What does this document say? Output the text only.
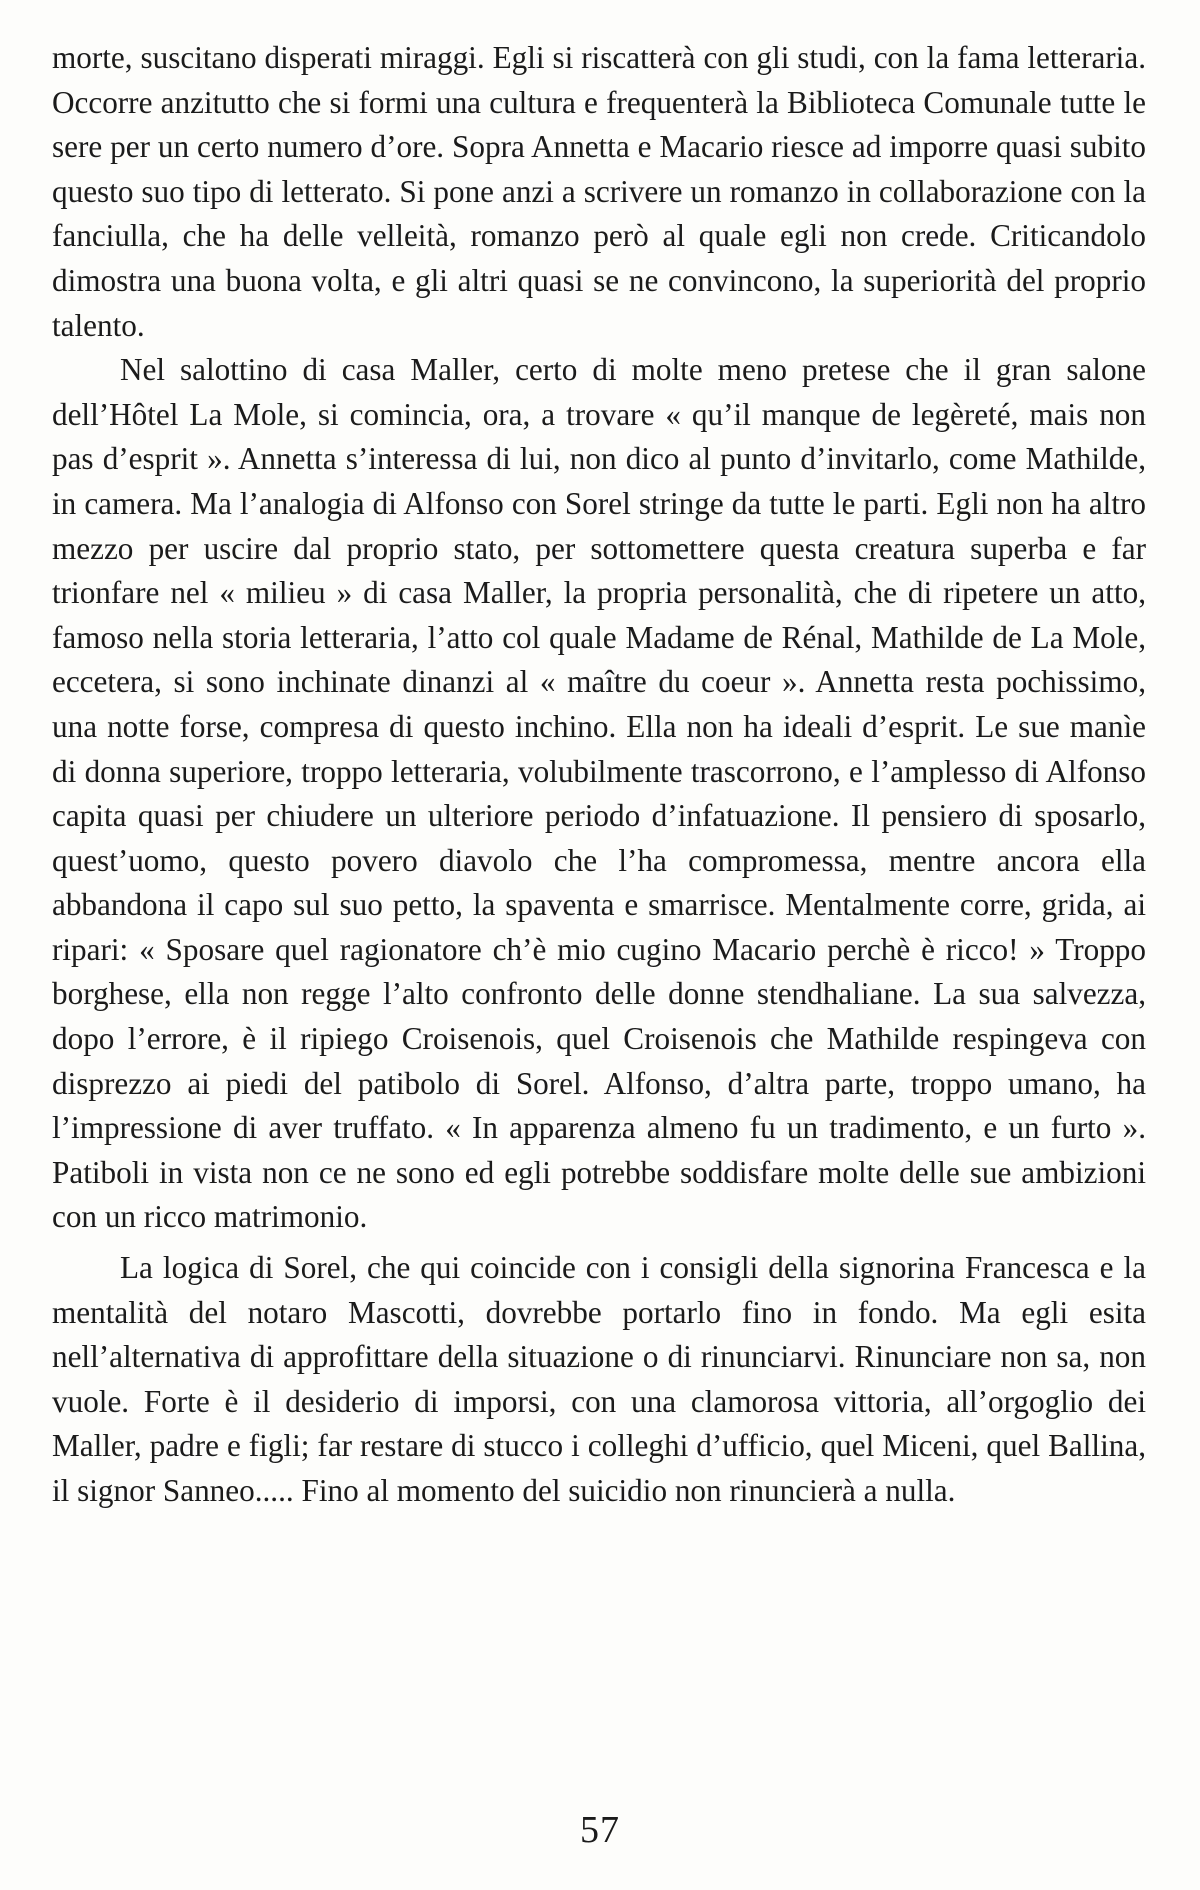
morte, suscitano disperati miraggi. Egli si riscatterà con gli studi, con la fama letteraria. Occorre anzitutto che si formi una cultura e frequenterà la Biblioteca Comunale tutte le sere per un certo numero d’ore. Sopra Annetta e Macario riesce ad imporre quasi subito questo suo tipo di letterato. Si pone anzi a scrivere un romanzo in collaborazione con la fanciulla, che ha delle velleità, romanzo però al quale egli non crede. Criticandolo dimostra una buona volta, e gli altri quasi se ne convincono, la superiorità del proprio talento.

Nel salottino di casa Maller, certo di molte meno pretese che il gran salone dell’Hôtel La Mole, si comincia, ora, a trovare « qu’il manque de legèreté, mais non pas d’esprit ». Annetta s’interessa di lui, non dico al punto d’invitarlo, come Mathilde, in camera. Ma l’analogia di Alfonso con Sorel stringe da tutte le parti. Egli non ha altro mezzo per uscire dal proprio stato, per sottomettere questa creatura superba e far trionfare nel « milieu » di casa Maller, la propria personalità, che di ripetere un atto, famoso nella storia letteraria, l’atto col quale Madame de Rénal, Mathilde de La Mole, eccetera, si sono inchinate dinanzi al « maître du coeur ». Annetta resta pochissimo, una notte forse, compresa di questo inchino. Ella non ha ideali d’esprit. Le sue manìe di donna superiore, troppo letteraria, volubilmente trascorrono, e l’amplesso di Alfonso capita quasi per chiudere un ulteriore periodo d’infatuazione. Il pensiero di sposarlo, quest’uomo, questo povero diavolo che l’ha compromessa, mentre ancora ella abbandona il capo sul suo petto, la spaventa e smarrisce. Mentalmente corre, grida, ai ripari: « Sposare quel ragionatore ch’è mio cugino Macario perchè è ricco! » Troppo borghese, ella non regge l’alto confronto delle donne stendhaliane. La sua salvezza, dopo l’errore, è il ripiego Croisenois, quel Croisenois che Mathilde respingeva con disprezzo ai piedi del patibolo di Sorel. Alfonso, d’altra parte, troppo umano, ha l’impressione di aver truffato. « In apparenza almeno fu un tradimento, e un furto ». Patiboli in vista non ce ne sono ed egli potrebbe soddisfare molte delle sue ambizioni con un ricco matrimonio.

La logica di Sorel, che qui coincide con i consigli della signorina Francesca e la mentalità del notaro Mascotti, dovrebbe portarlo fino in fondo. Ma egli esita nell’alternativa di approfittare della situazione o di rinunciarvi. Rinunciare non sa, non vuole. Forte è il desiderio di imporsi, con una clamorosa vittoria, all’orgoglio dei Maller, padre e figli; far restare di stucco i colleghi d’ufficio, quel Miceni, quel Ballina, il signor Sanneo..... Fino al momento del suicidio non rinuncierà a nulla.

57
